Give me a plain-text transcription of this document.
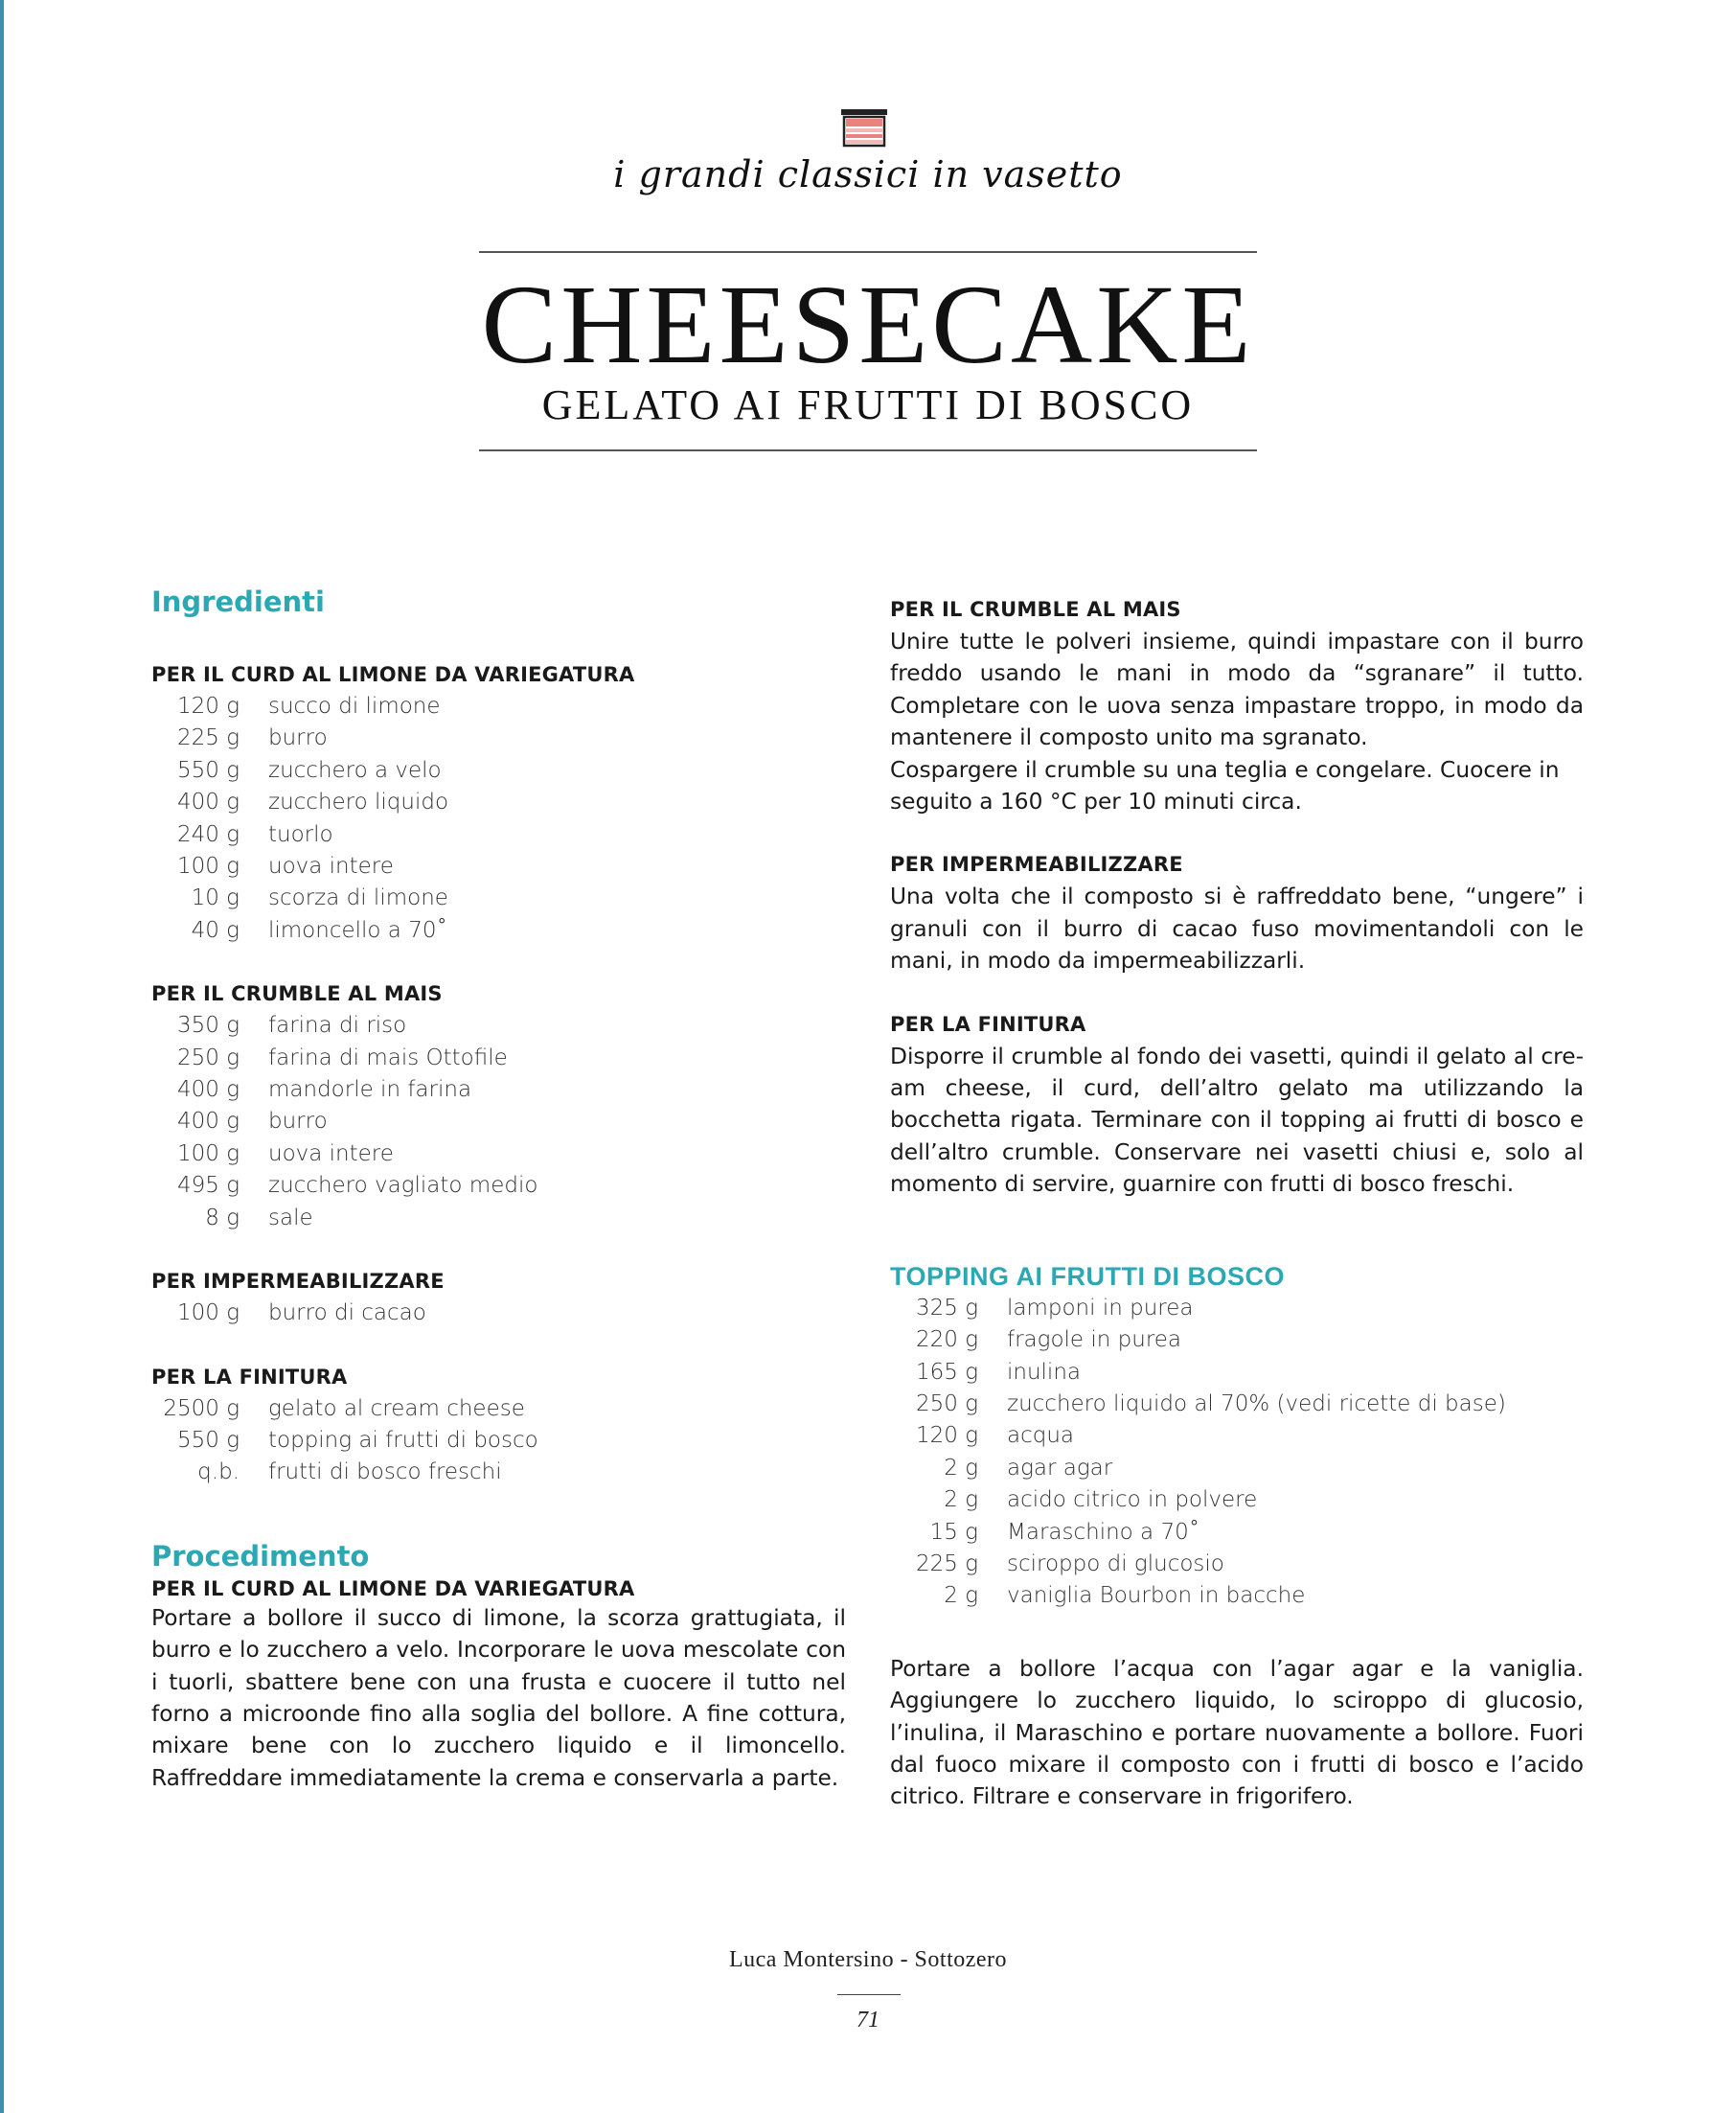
i grandi classici in vasetto
CHEESECAKE
GELATO AI FRUTTI DI BOSCO
Ingredienti
PER IL CURD AL LIMONE DA VARIEGATURA
120 g succo di limone
225 g burro
550 g zucchero a velo
400 g zucchero liquido
240 g tuorlo
100 g uova intere
10 g scorza di limone
40 g limoncello a 70˚
PER IL CRUMBLE AL MAIS
350 g farina di riso
250 g farina di mais Ottofile
400 g mandorle in farina
400 g burro
100 g uova intere
495 g zucchero vagliato medio
8 g sale
PER IMPERMEABILIZZARE
100 g burro di cacao
PER LA FINITURA
2500 g gelato al cream cheese
550 g topping ai frutti di bosco
q.b. frutti di bosco freschi
Procedimento
PER IL CURD AL LIMONE DA VARIEGATURA
Portare a bollore il succo di limone, la scorza grattugiata, il burro e lo zucchero a velo. Incorporare le uova mescolate con i tuorli, sbattere bene con una frusta e cuocere il tutto nel forno a microonde fino alla soglia del bollore. A fine cottura, mixare bene con lo zucchero liquido e il limoncello. Raffreddare immediatamente la crema e conservarla a parte.
PER IL CRUMBLE AL MAIS
Unire tutte le polveri insieme, quindi impastare con il burro freddo usando le mani in modo da “sgranare” il tutto. Completare con le uova senza impastare troppo, in modo da mantenere il composto unito ma sgranato.
Cospargere il crumble su una teglia e congelare. Cuocere in seguito a 160 °C per 10 minuti circa.
PER IMPERMEABILIZZARE
Una volta che il composto si è raffreddato bene, “ungere” i granuli con il burro di cacao fuso movimentandoli con le mani, in modo da impermeabilizzarli.
PER LA FINITURA
Disporre il crumble al fondo dei vasetti, quindi il gelato al cream cheese, il curd, dell’altro gelato ma utilizzando la bocchetta rigata. Terminare con il topping ai frutti di bosco e dell’altro crumble. Conservare nei vasetti chiusi e, solo al momento di servire, guarnire con frutti di bosco freschi.
TOPPING AI FRUTTI DI BOSCO
325 g lamponi in purea
220 g fragole in purea
165 g inulina
250 g zucchero liquido al 70% (vedi ricette di base)
120 g acqua
2 g agar agar
2 g acido citrico in polvere
15 g Maraschino a 70˚
225 g sciroppo di glucosio
2 g vaniglia Bourbon in bacche
Portare a bollore l’acqua con l’agar agar e la vaniglia. Aggiungere lo zucchero liquido, lo sciroppo di glucosio, l’inulina, il Maraschino e portare nuovamente a bollore. Fuori dal fuoco mixare il composto con i frutti di bosco e l’acido citrico. Filtrare e conservare in frigorifero.
Luca Montersino - Sottozero
71
